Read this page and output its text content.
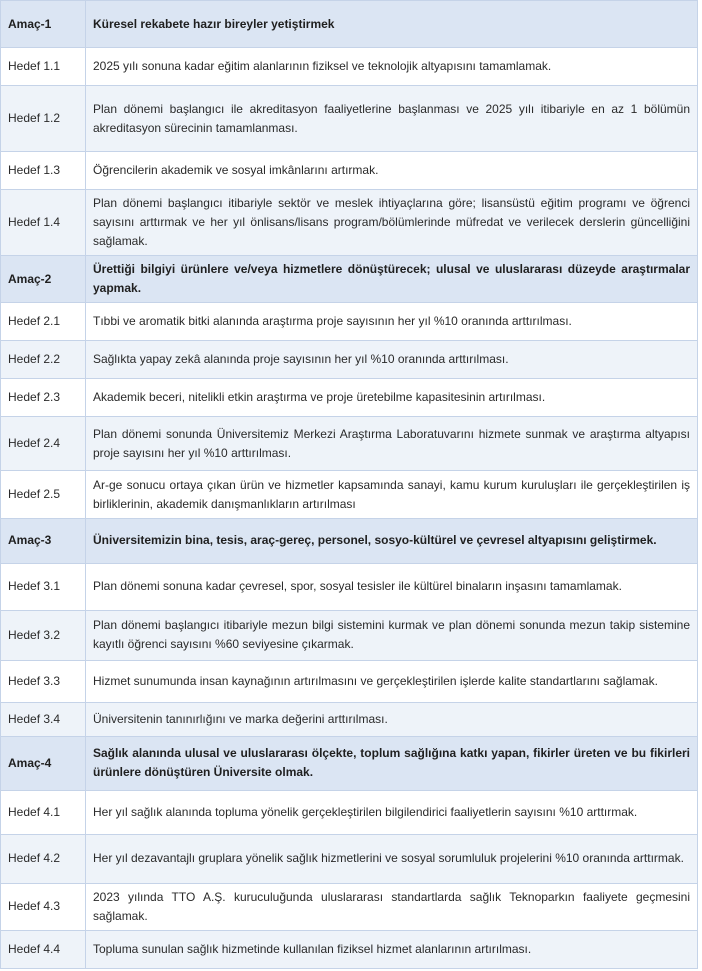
Amaç-1	Küresel rekabete hazır bireyler yetiştirmek
Hedef 1.1	2025 yılı sonuna kadar eğitim alanlarının fiziksel ve teknolojik altyapısını tamamlamak.
Hedef 1.2	Plan dönemi başlangıcı ile akreditasyon faaliyetlerine başlanması ve 2025 yılı itibariyle en az 1 bölümün akreditasyon sürecinin tamamlanması.
Hedef 1.3	Öğrencilerin akademik ve sosyal imkânlarını artırmak.
Hedef 1.4	Plan dönemi başlangıcı itibariyle sektör ve meslek ihtiyaçlarına göre; lisansüstü eğitim programı ve öğrenci sayısını arttırmak ve her yıl önlisans/lisans program/bölümlerinde müfredat ve verilecek derslerin güncelliğini sağlamak.
Amaç-2	Ürettiği bilgiyi ürünlere ve/veya hizmetlere dönüştürecek; ulusal ve uluslararası düzeyde araştırmalar yapmak.
Hedef 2.1	Tıbbi ve aromatik bitki alanında araştırma proje sayısının her yıl %10 oranında arttırılması.
Hedef 2.2	Sağlıkta yapay zekâ alanında proje sayısının her yıl %10 oranında arttırılması.
Hedef 2.3	Akademik beceri, nitelikli etkin araştırma ve proje üretebilme kapasitesinin artırılması.
Hedef 2.4	Plan dönemi sonunda Üniversitemiz Merkezi Araştırma Laboratuvarını hizmete sunmak ve araştırma altyapısı proje sayısını her yıl %10 arttırılması.
Hedef 2.5	Ar-ge sonucu ortaya çıkan ürün ve hizmetler kapsamında sanayi, kamu kurum kuruluşları ile gerçekleştirilen iş birliklerinin, akademik danışmanlıkların artırılması
Amaç-3	Üniversitemizin bina, tesis, araç-gereç, personel, sosyo-kültürel ve çevresel altyapısını geliştirmek.
Hedef 3.1	Plan dönemi sonuna kadar çevresel, spor, sosyal tesisler ile kültürel binaların inşasını tamamlamak.
Hedef 3.2	Plan dönemi başlangıcı itibariyle mezun bilgi sistemini kurmak ve plan dönemi sonunda mezun takip sistemine kayıtlı öğrenci sayısını %60 seviyesine çıkarmak.
Hedef 3.3	Hizmet sunumunda insan kaynağının artırılmasını ve gerçekleştirilen işlerde kalite standartlarını sağlamak.
Hedef 3.4	Üniversitenin tanınırlığını ve marka değerini arttırılması.
Amaç-4	Sağlık alanında ulusal ve uluslararası ölçekte, toplum sağlığına katkı yapan, fikirler üreten ve bu fikirleri ürünlere dönüştüren Üniversite olmak.
Hedef 4.1	Her yıl sağlık alanında topluma yönelik gerçekleştirilen bilgilendirici faaliyetlerin sayısını %10 arttırmak.
Hedef 4.2	Her yıl dezavantajlı gruplara yönelik sağlık hizmetlerini ve sosyal sorumluluk projelerini %10 oranında arttırmak.
Hedef 4.3	2023 yılında TTO A.Ş. kuruculuğunda uluslararası standartlarda sağlık Teknoparkın faaliyete geçmesini sağlamak.
Hedef 4.4	Topluma sunulan sağlık hizmetinde kullanılan fiziksel hizmet alanlarının artırılması.
